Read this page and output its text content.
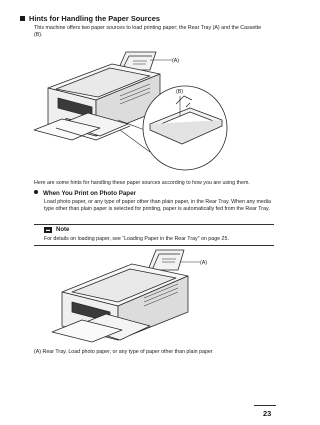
Hints for Handling the Paper Sources
This machine offers two paper sources to load printing paper; the Rear Tray (A) and the Cassette (B).
(A)
(B)
Here are some hints for handling these paper sources according to how you are using them.
When You Print on Photo Paper
Load photo paper, or any type of paper other than plain paper, in the Rear Tray. When any media type other than plain paper is selected for printing, paper is automatically fed from the Rear Tray.
▬ Note
For details on loading paper, see “Loading Paper in the Rear Tray” on page 25.
(A)
(A) Rear Tray. Load photo paper, or any type of paper other than plain paper
23
